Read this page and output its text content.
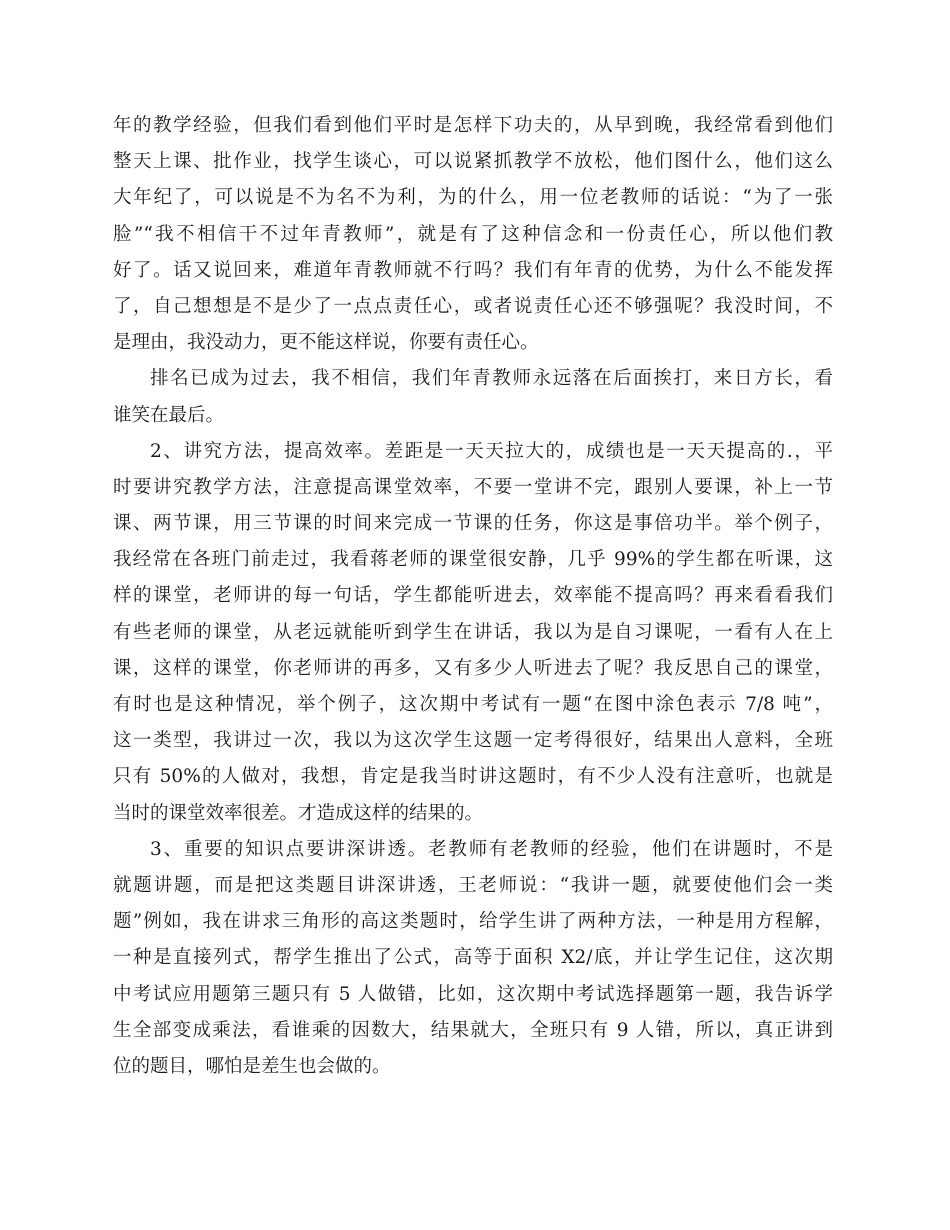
年的教学经验，但我们看到他们平时是怎样下功夫的，从早到晚，我经常看到他们
整天上课、批作业，找学生谈心，可以说紧抓教学不放松，他们图什么，他们这么
大年纪了，可以说是不为名不为利，为的什么，用一位老教师的话说：“为了一张
脸”“我不相信干不过年青教师”，就是有了这种信念和一份责任心，所以他们教
好了。话又说回来，难道年青教师就不行吗？我们有年青的优势，为什么不能发挥
了，自己想想是不是少了一点点责任心，或者说责任心还不够强呢？我没时间，不
是理由，我没动力，更不能这样说，你要有责任心。
排名已成为过去，我不相信，我们年青教师永远落在后面挨打，来日方长，看
谁笑在最后。
2、讲究方法，提高效率。差距是一天天拉大的，成绩也是一天天提高的.，平
时要讲究教学方法，注意提高课堂效率，不要一堂讲不完，跟别人要课，补上一节
课、两节课，用三节课的时间来完成一节课的任务，你这是事倍功半。举个例子，
我经常在各班门前走过，我看蒋老师的课堂很安静，几乎 99%的学生都在听课，这
样的课堂，老师讲的每一句话，学生都能听进去，效率能不提高吗？再来看看我们
有些老师的课堂，从老远就能听到学生在讲话，我以为是自习课呢，一看有人在上
课，这样的课堂，你老师讲的再多，又有多少人听进去了呢？我反思自己的课堂，
有时也是这种情况，举个例子，这次期中考试有一题“在图中涂色表示 7/8 吨”，
这一类型，我讲过一次，我以为这次学生这题一定考得很好，结果出人意料，全班
只有 50%的人做对，我想，肯定是我当时讲这题时，有不少人没有注意听，也就是
当时的课堂效率很差。才造成这样的结果的。
3、重要的知识点要讲深讲透。老教师有老教师的经验，他们在讲题时，不是
就题讲题，而是把这类题目讲深讲透，王老师说：“我讲一题，就要使他们会一类
题”例如，我在讲求三角形的高这类题时，给学生讲了两种方法，一种是用方程解，
一种是直接列式，帮学生推出了公式，高等于面积 X2/底，并让学生记住，这次期
中考试应用题第三题只有 5 人做错，比如，这次期中考试选择题第一题，我告诉学
生全部变成乘法，看谁乘的因数大，结果就大，全班只有 9 人错，所以，真正讲到
位的题目，哪怕是差生也会做的。
